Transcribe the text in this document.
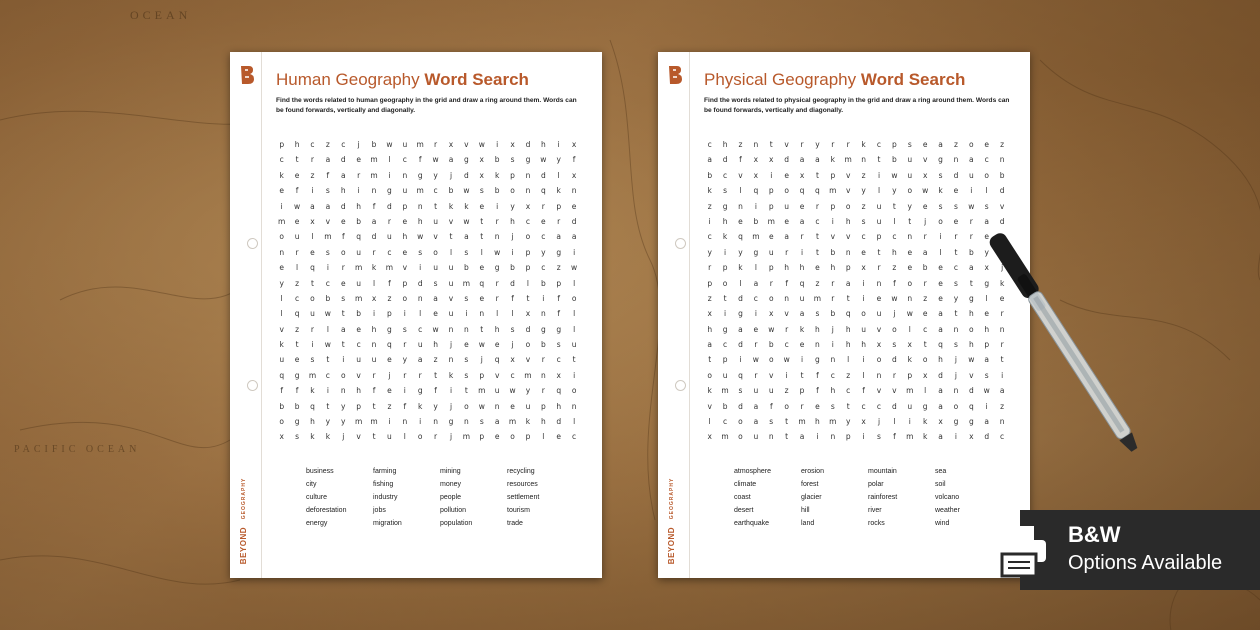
OCEAN
PACIFIC OCEAN
Human Geography Word Search
Find the words related to human geography in the grid and draw a ring around them. Words can be found forwards, vertically and diagonally.
p	h	c	z	c	j	b	w	u	m	r	x	v	w	i	x	d	h	i	x
c	t	r	a	d	e	m	l	c	f	w	a	g	x	b	s	g	w	y	f
k	e	z	f	a	r	m	i	n	g	y	j	d	x	k	p	n	d	l	x
e	f	i	s	h	i	n	g	u	m	c	b	w	s	b	o	n	q	k	n
i	w	a	a	d	h	f	d	p	n	t	k	k	e	i	y	x	r	p	e
m	e	x	v	e	b	a	r	e	h	u	v	w	t	r	h	c	e	r	d
o	u	l	m	f	q	d	u	h	w	v	t	a	t	n	j	o	c	a	a
n	r	e	s	o	u	r	c	e	s	o	l	s	l	w	i	p	y	g	i
e	l	q	i	r	m	k	m	v	i	u	u	b	e	g	b	p	c	z	w
y	z	t	c	e	u	l	f	p	d	s	u	m	q	r	d	l	b	p	l
l	c	o	b	s	m	x	z	o	n	a	v	s	e	r	f	t	i	f	o
l	q	u	w	t	b	i	p	i	l	e	u	i	n	l	l	x	n	f	l
v	z	r	l	a	e	h	g	s	c	w	n	n	t	h	s	d	g	g	l
k	t	i	w	t	c	n	q	r	u	h	j	e	w	e	j	o	b	s	u
u	e	s	t	i	u	u	e	y	a	z	n	s	j	q	x	v	r	c	t
q	g	m	c	o	v	r	j	r	r	t	k	s	p	v	c	m	n	x	i
f	f	k	i	n	h	f	e	i	g	f	i	t	m	u	w	y	r	q	o
b	b	q	t	y	p	t	z	f	k	y	j	o	w	n	e	u	p	h	n
o	g	h	y	y	m	m	i	n	i	n	g	n	s	a	m	k	h	d	l
x	s	k	k	j	v	t	u	l	o	r	j	m	p	e	o	p	l	e	c
business	farming	mining	recycling
city	fishing	money	resources
culture	industry	people	settlement
deforestation	jobs	pollution	tourism
energy	migration	population	trade
BEYOND GEOGRAPHY
Physical Geography Word Search
Find the words related to physical geography in the grid and draw a ring around them. Words can be found forwards, vertically and diagonally.
c	h	z	n	t	v	r	y	r	r	k	c	p	s	e	a	z	o	e	z
a	d	f	x	x	d	a	a	k	m	n	t	b	u	v	g	n	a	c	n
b	c	v	x	i	e	x	t	p	v	z	i	w	u	x	s	d	u	o	b
k	s	l	q	p	o	q	q	m	v	y	l	y	o	w	k	e	i	l	d
z	g	n	i	p	u	e	r	p	o	z	u	t	y	e	s	s	w	s	v
i	h	e	b	m	e	a	c	i	h	s	u	l	t	j	o	e	r	a	d
c	k	q	m	e	a	r	t	v	v	c	p	c	n	r	i	r	r	e
y	i	y	g	u	r	i	t	b	n	e	t	h	e	a	l	t	b	y
r	p	k	l	p	h	h	e	h	p	x	r	z	e	b	e	c	a	x	j
p	o	l	a	r	f	q	z	r	a	i	n	f	o	r	e	s	t	g	k
z	t	d	c	o	n	u	m	r	t	i	e	w	n	z	e	y	g	l	e
x	i	g	i	x	v	a	s	b	q	o	u	j	w	e	a	t	h	e	r
h	g	a	e	w	r	k	h	j	h	u	v	o	l	c	a	n	o	h	n
a	c	d	r	b	c	e	n	i	h	h	x	s	x	t	q	s	h	p	r
t	p	i	w	o	w	i	g	n	l	i	o	d	k	o	h	j	w	a	t
o	u	q	r	v	i	t	f	c	z	l	n	r	p	x	d	j	v	s	i
k	m	s	u	u	z	p	f	h	c	f	v	v	m	l	a	n	d	w	a
v	b	d	a	f	o	r	e	s	t	c	c	d	u	g	a	o	q	i	z
l	c	o	a	s	t	m	h	m	y	x	j	l	i	k	x	g	g	a	n
x	m	o	u	n	t	a	i	n	p	i	s	f	m	k	a	i	x	d	c
atmosphere	erosion	mountain	sea
climate	forest	polar	soil
coast	glacier	rainforest	volcano
desert	hill	river	weather
earthquake	land	rocks	wind
BEYOND GEOGRAPHY
B&W
Options Available
